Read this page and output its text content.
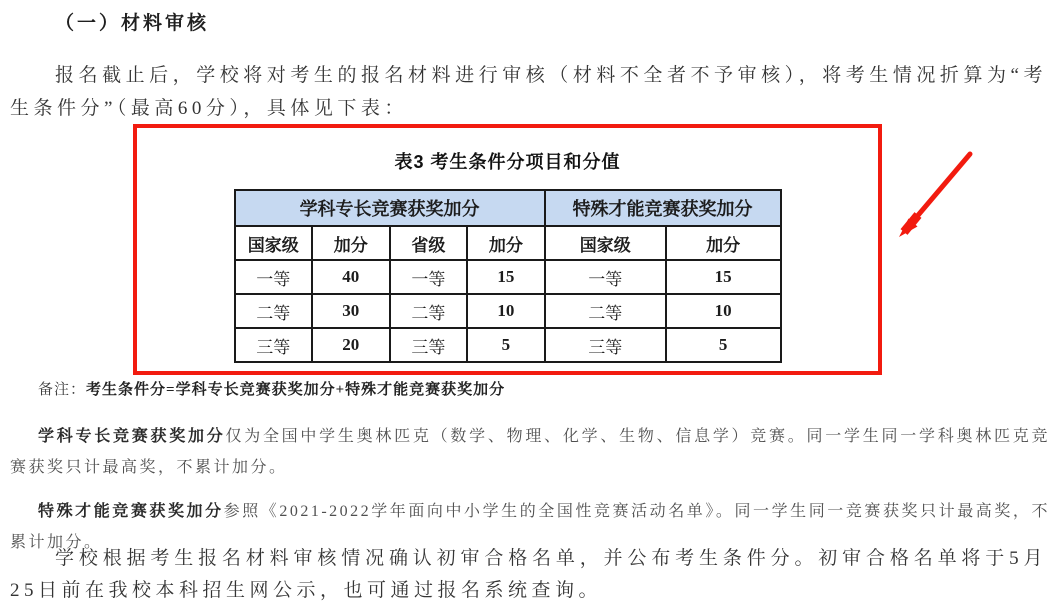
（一）材料审核
报名截止后，学校将对考生的报名材料进行审核（材料不全者不予审核），将考生情况折算为“考生条件分”（最高60分），具体见下表：
表3 考生条件分项目和分值
学科专长竞赛获奖加分				特殊才能竞赛获奖加分	
国家级	加分	省级	加分	国家级	加分
一等	40	一等	15	一等	15
二等	30	二等	10	二等	10
三等	20	三等	5	三等	5
备注：考生条件分=学科专长竞赛获奖加分+特殊才能竞赛获奖加分
学科专长竞赛获奖加分仅为全国中学生奥林匹克（数学、物理、化学、生物、信息学）竞赛。同一学生同一学科奥林匹克竞赛获奖只计最高奖，不累计加分。
特殊才能竞赛获奖加分参照《2021-2022学年面向中小学生的全国性竞赛活动名单》。同一学生同一竞赛获奖只计最高奖，不累计加分。
学校根据考生报名材料审核情况确认初审合格名单，并公布考生条件分。初审合格名单将于5月25日前在我校本科招生网公示，也可通过报名系统查询。
